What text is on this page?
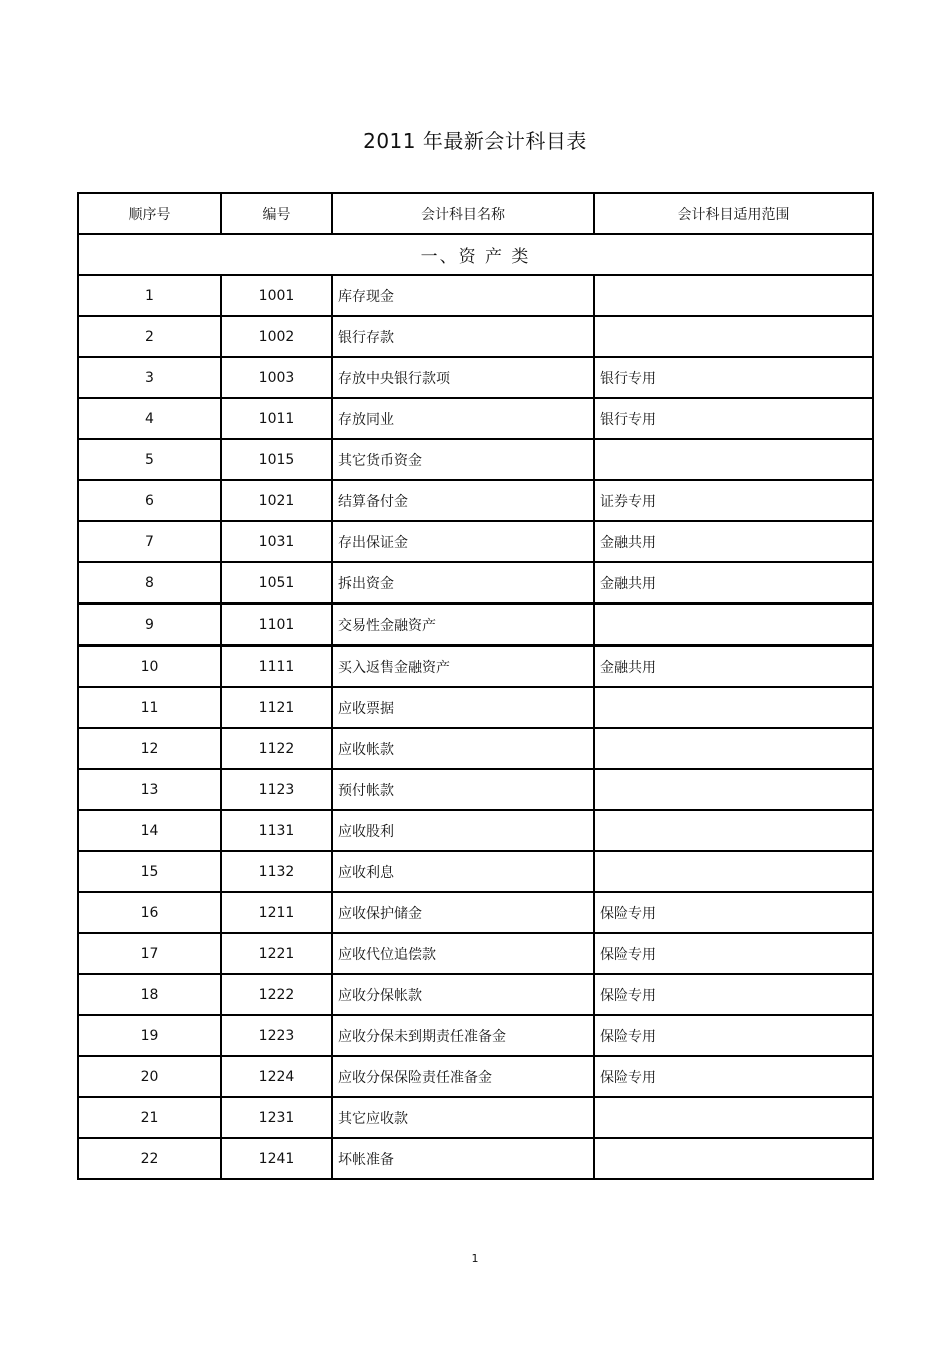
2011 年最新会计科目表
顺序号	编号	会计科目名称	会计科目适用范围
一、资 产 类			
1	1001	库存现金	
2	1002	银行存款	
3	1003	存放中央银行款项	银行专用
4	1011	存放同业	银行专用
5	1015	其它货币资金	
6	1021	结算备付金	证券专用
7	1031	存出保证金	金融共用
8	1051	拆出资金	金融共用
9	1101	交易性金融资产	
10	1111	买入返售金融资产	金融共用
11	1121	应收票据	
12	1122	应收帐款	
13	1123	预付帐款	
14	1131	应收股利	
15	1132	应收利息	
16	1211	应收保护储金	保险专用
17	1221	应收代位追偿款	保险专用
18	1222	应收分保帐款	保险专用
19	1223	应收分保未到期责任准备金	保险专用
20	1224	应收分保保险责任准备金	保险专用
21	1231	其它应收款	
22	1241	坏帐准备	
1
